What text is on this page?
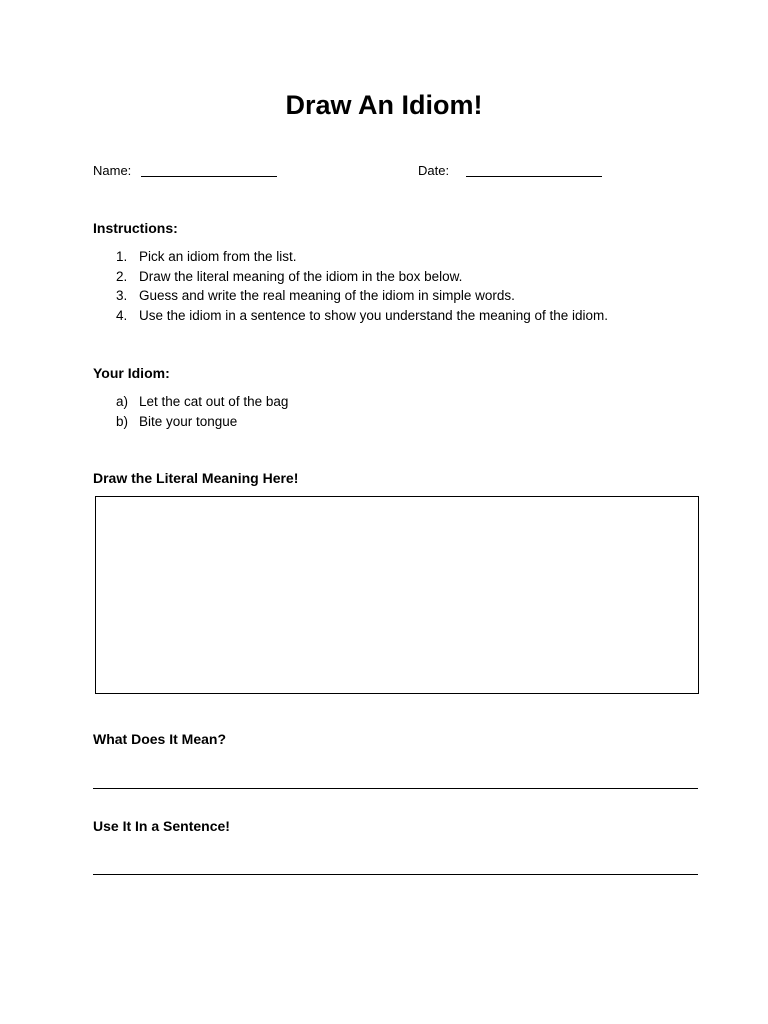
Draw An Idiom!
Name:	Date:
Instructions:
1. Pick an idiom from the list.
2. Draw the literal meaning of the idiom in the box below.
3. Guess and write the real meaning of the idiom in simple words.
4. Use the idiom in a sentence to show you understand the meaning of the idiom.
Your Idiom:
a) Let the cat out of the bag
b) Bite your tongue
Draw the Literal Meaning Here!
What Does It Mean?
Use It In a Sentence!
